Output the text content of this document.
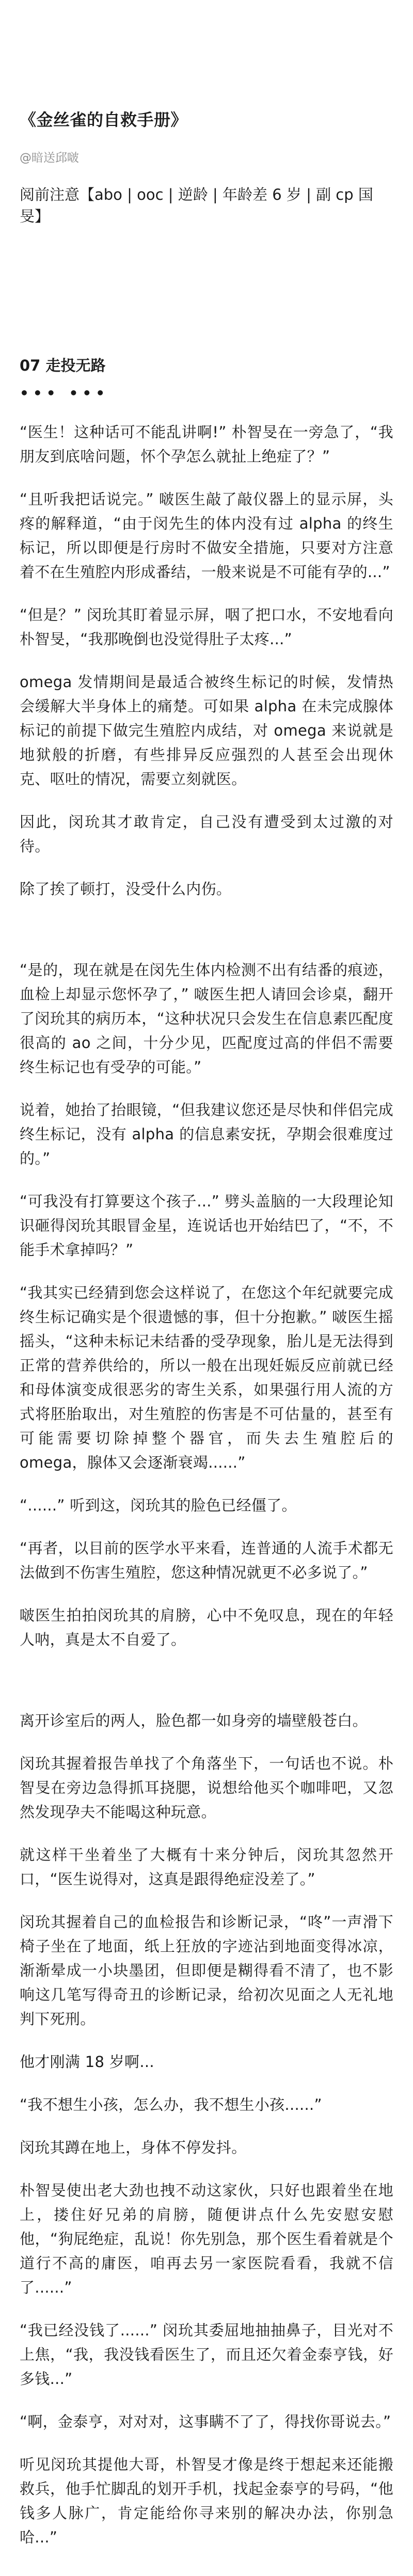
《金丝雀的自救手册》
@暗送邱啵
阅前注意【abo | ooc | 逆龄 | 年龄差 6 岁 | 副 cp 国旻】
07 走投无路
••• •••

“医生！这种话可不能乱讲啊!” 朴智旻在一旁急了，“我朋友到底啥问题，怀个孕怎么就扯上绝症了？”

“且听我把话说完。” 啵医生敲了敲仪器上的显示屏，头疼的解释道，“由于闵先生的体内没有过 alpha 的终生标记，所以即便是行房时不做安全措施，只要对方注意着不在生殖腔内形成番结，一般来说是不可能有孕的...”

“但是？” 闵玧其盯着显示屏，咽了把口水，不安地看向朴智旻，“我那晚倒也没觉得肚子太疼...”

omega 发情期间是最适合被终生标记的时候，发情热会缓解大半身体上的痛楚。可如果 alpha 在未完成腺体标记的前提下做完生殖腔内成结，对 omega 来说就是地狱般的折磨，有些排异反应强烈的人甚至会出现休克、呕吐的情况，需要立刻就医。

因此，闵玧其才敢肯定，自己没有遭受到太过激的对待。

除了挨了顿打，没受什么内伤。

“是的，现在就是在闵先生体内检测不出有结番的痕迹，血检上却显示您怀孕了，” 啵医生把人请回会诊桌，翻开了闵玧其的病历本，“这种状况只会发生在信息素匹配度很高的 ao 之间，十分少见，匹配度过高的伴侣不需要终生标记也有受孕的可能。”

说着，她抬了抬眼镜，“但我建议您还是尽快和伴侣完成终生标记，没有 alpha 的信息素安抚，孕期会很难度过的。”

“可我没有打算要这个孩子...” 劈头盖脑的一大段理论知识砸得闵玧其眼冒金星，连说话也开始结巴了，“不，不能手术拿掉吗？”

“我其实已经猜到您会这样说了，在您这个年纪就要完成终生标记确实是个很遗憾的事，但十分抱歉。” 啵医生摇摇头，“这种未标记未结番的受孕现象，胎儿是无法得到正常的营养供给的，所以一般在出现妊娠反应前就已经和母体演变成很恶劣的寄生关系，如果强行用人流的方式将胚胎取出，对生殖腔的伤害是不可估量的，甚至有可能需要切除掉整个器官，而失去生殖腔后的 omega，腺体又会逐渐衰竭......”

“......” 听到这，闵玧其的脸色已经僵了。

“再者，以目前的医学水平来看，连普通的人流手术都无法做到不伤害生殖腔，您这种情况就更不必多说了。”

啵医生拍拍闵玧其的肩膀，心中不免叹息，现在的年轻人呐，真是太不自爱了。

离开诊室后的两人，脸色都一如身旁的墙壁般苍白。

闵玧其握着报告单找了个角落坐下，一句话也不说。朴智旻在旁边急得抓耳挠腮，说想给他买个咖啡吧，又忽然发现孕夫不能喝这种玩意。

就这样干坐着坐了大概有十来分钟后，闵玧其忽然开口，“医生说得对，这真是跟得绝症没差了。”

闵玧其握着自己的血检报告和诊断记录，“咚”一声滑下椅子坐在了地面，纸上狂放的字迹沾到地面变得冰凉，渐渐晕成一小块墨团，但即便是糊得看不清了，也不影响这几笔写得奇丑的诊断记录，给初次见面之人无礼地判下死刑。

他才刚满 18 岁啊...

“我不想生小孩，怎么办，我不想生小孩......”

闵玧其蹲在地上，身体不停发抖。

朴智旻使出老大劲也拽不动这家伙，只好也跟着坐在地上，搂住好兄弟的肩膀，随便讲点什么先安慰安慰他，“狗屁绝症，乱说！你先别急，那个医生看着就是个道行不高的庸医，咱再去另一家医院看看，我就不信了......”

“我已经没钱了......” 闵玧其委屈地抽抽鼻子，目光对不上焦，“我，我没钱看医生了，而且还欠着金泰亨钱，好多钱...”

“啊，金泰亨，对对对，这事瞒不了了，得找你哥说去。”

听见闵玧其提他大哥，朴智旻才像是终于想起来还能搬救兵，他手忙脚乱的划开手机，找起金泰亨的号码，“他钱多人脉广，肯定能给你寻来别的解决办法，你别急哈...”
